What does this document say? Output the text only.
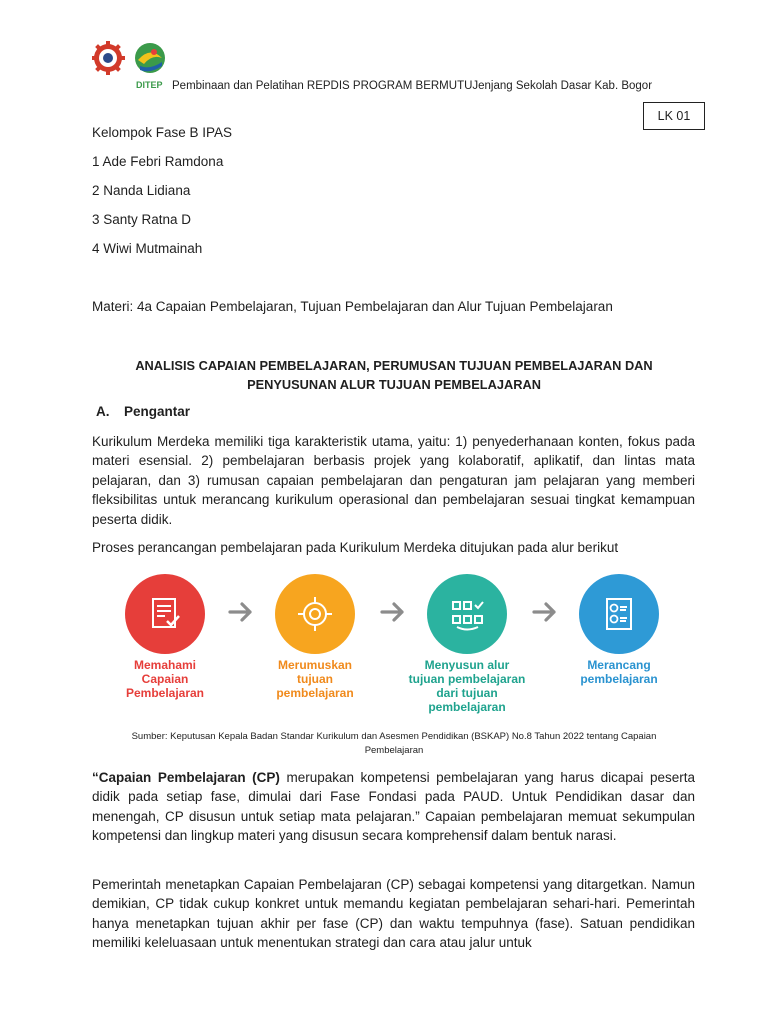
DITEP Pembinaan dan Pelatihan REPDIS PROGRAM BERMUTUJenjang Sekolah Dasar Kab. Bogor
LK 01
Kelompok Fase B IPAS
1 Ade Febri Ramdona
2 Nanda Lidiana
3 Santy Ratna D
4 Wiwi Mutmainah
Materi: 4a Capaian Pembelajaran, Tujuan Pembelajaran dan Alur Tujuan Pembelajaran
ANALISIS CAPAIAN PEMBELAJARAN, PERUMUSAN TUJUAN PEMBELAJARAN DAN
PENYUSUNAN ALUR TUJUAN PEMBELAJARAN
A. Pengantar
Kurikulum Merdeka memiliki tiga karakteristik utama, yaitu: 1) penyederhanaan konten, fokus pada materi esensial. 2) pembelajaran berbasis projek yang kolaboratif, aplikatif, dan lintas mata pelajaran, dan 3) rumusan capaian pembelajaran dan pengaturan jam pelajaran yang memberi fleksibilitas untuk merancang kurikulum operasional dan pembelajaran sesuai tingkat kemampuan peserta didik.
Proses perancangan pembelajaran pada Kurikulum Merdeka ditujukan pada alur berikut
Memahami
Capaian
Pembelajaran
Merumuskan
tujuan
pembelajaran
Menyusun alur
tujuan pembelajaran
dari tujuan
pembelajaran
Merancang
pembelajaran
Sumber: Keputusan Kepala Badan Standar Kurikulum dan Asesmen Pendidikan (BSKAP) No.8 Tahun 2022 tentang Capaian
Pembelajaran
“Capaian Pembelajaran (CP) merupakan kompetensi pembelajaran yang harus dicapai peserta didik pada setiap fase, dimulai dari Fase Fondasi pada PAUD. Untuk Pendidikan dasar dan menengah, CP disusun untuk setiap mata pelajaran.” Capaian pembelajaran memuat sekumpulan kompetensi dan lingkup materi yang disusun secara komprehensif dalam bentuk narasi.
Pemerintah menetapkan Capaian Pembelajaran (CP) sebagai kompetensi yang ditargetkan. Namun demikian, CP tidak cukup konkret untuk memandu kegiatan pembelajaran sehari-hari. Pemerintah hanya menetapkan tujuan akhir per fase (CP) dan waktu tempuhnya (fase). Satuan pendidikan memiliki keleluasaan untuk menentukan strategi dan cara atau jalur untuk
